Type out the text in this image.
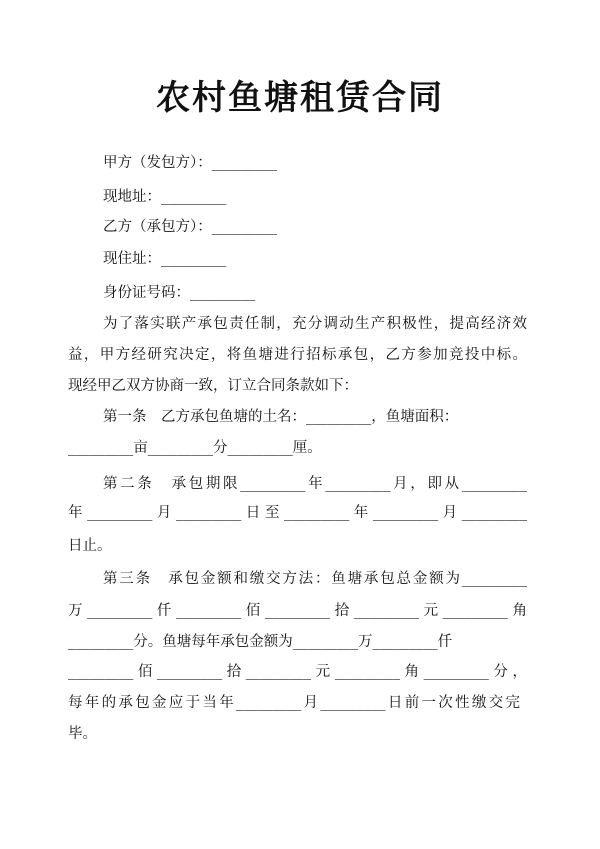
农村鱼塘租赁合同
甲方（发包方）：_________
现地址：_________
乙方（承包方）：_________
现住址：_________
身份证号码：_________
为了落实联产承包责任制，充分调动生产积极性，提高经济效
益，甲方经研究决定，将鱼塘进行招标承包，乙方参加竞投中标。
现经甲乙双方协商一致，订立合同条款如下：
第一条　乙方承包鱼塘的土名：_________，鱼塘面积：
_________亩_________分_________厘。
第二条　承包期限_________年_________月，即从_________
年_________月_________日至_________年_________月_________
日止。
第三条　承包金额和缴交方法：鱼塘承包总金额为_________
万_________仟_________佰_________拾_________元_________角
_________分。鱼塘每年承包金额为_________万_________仟
_________佰_________拾_________元_________角_________分，
每年的承包金应于当年_________月_________日前一次性缴交完
毕。
